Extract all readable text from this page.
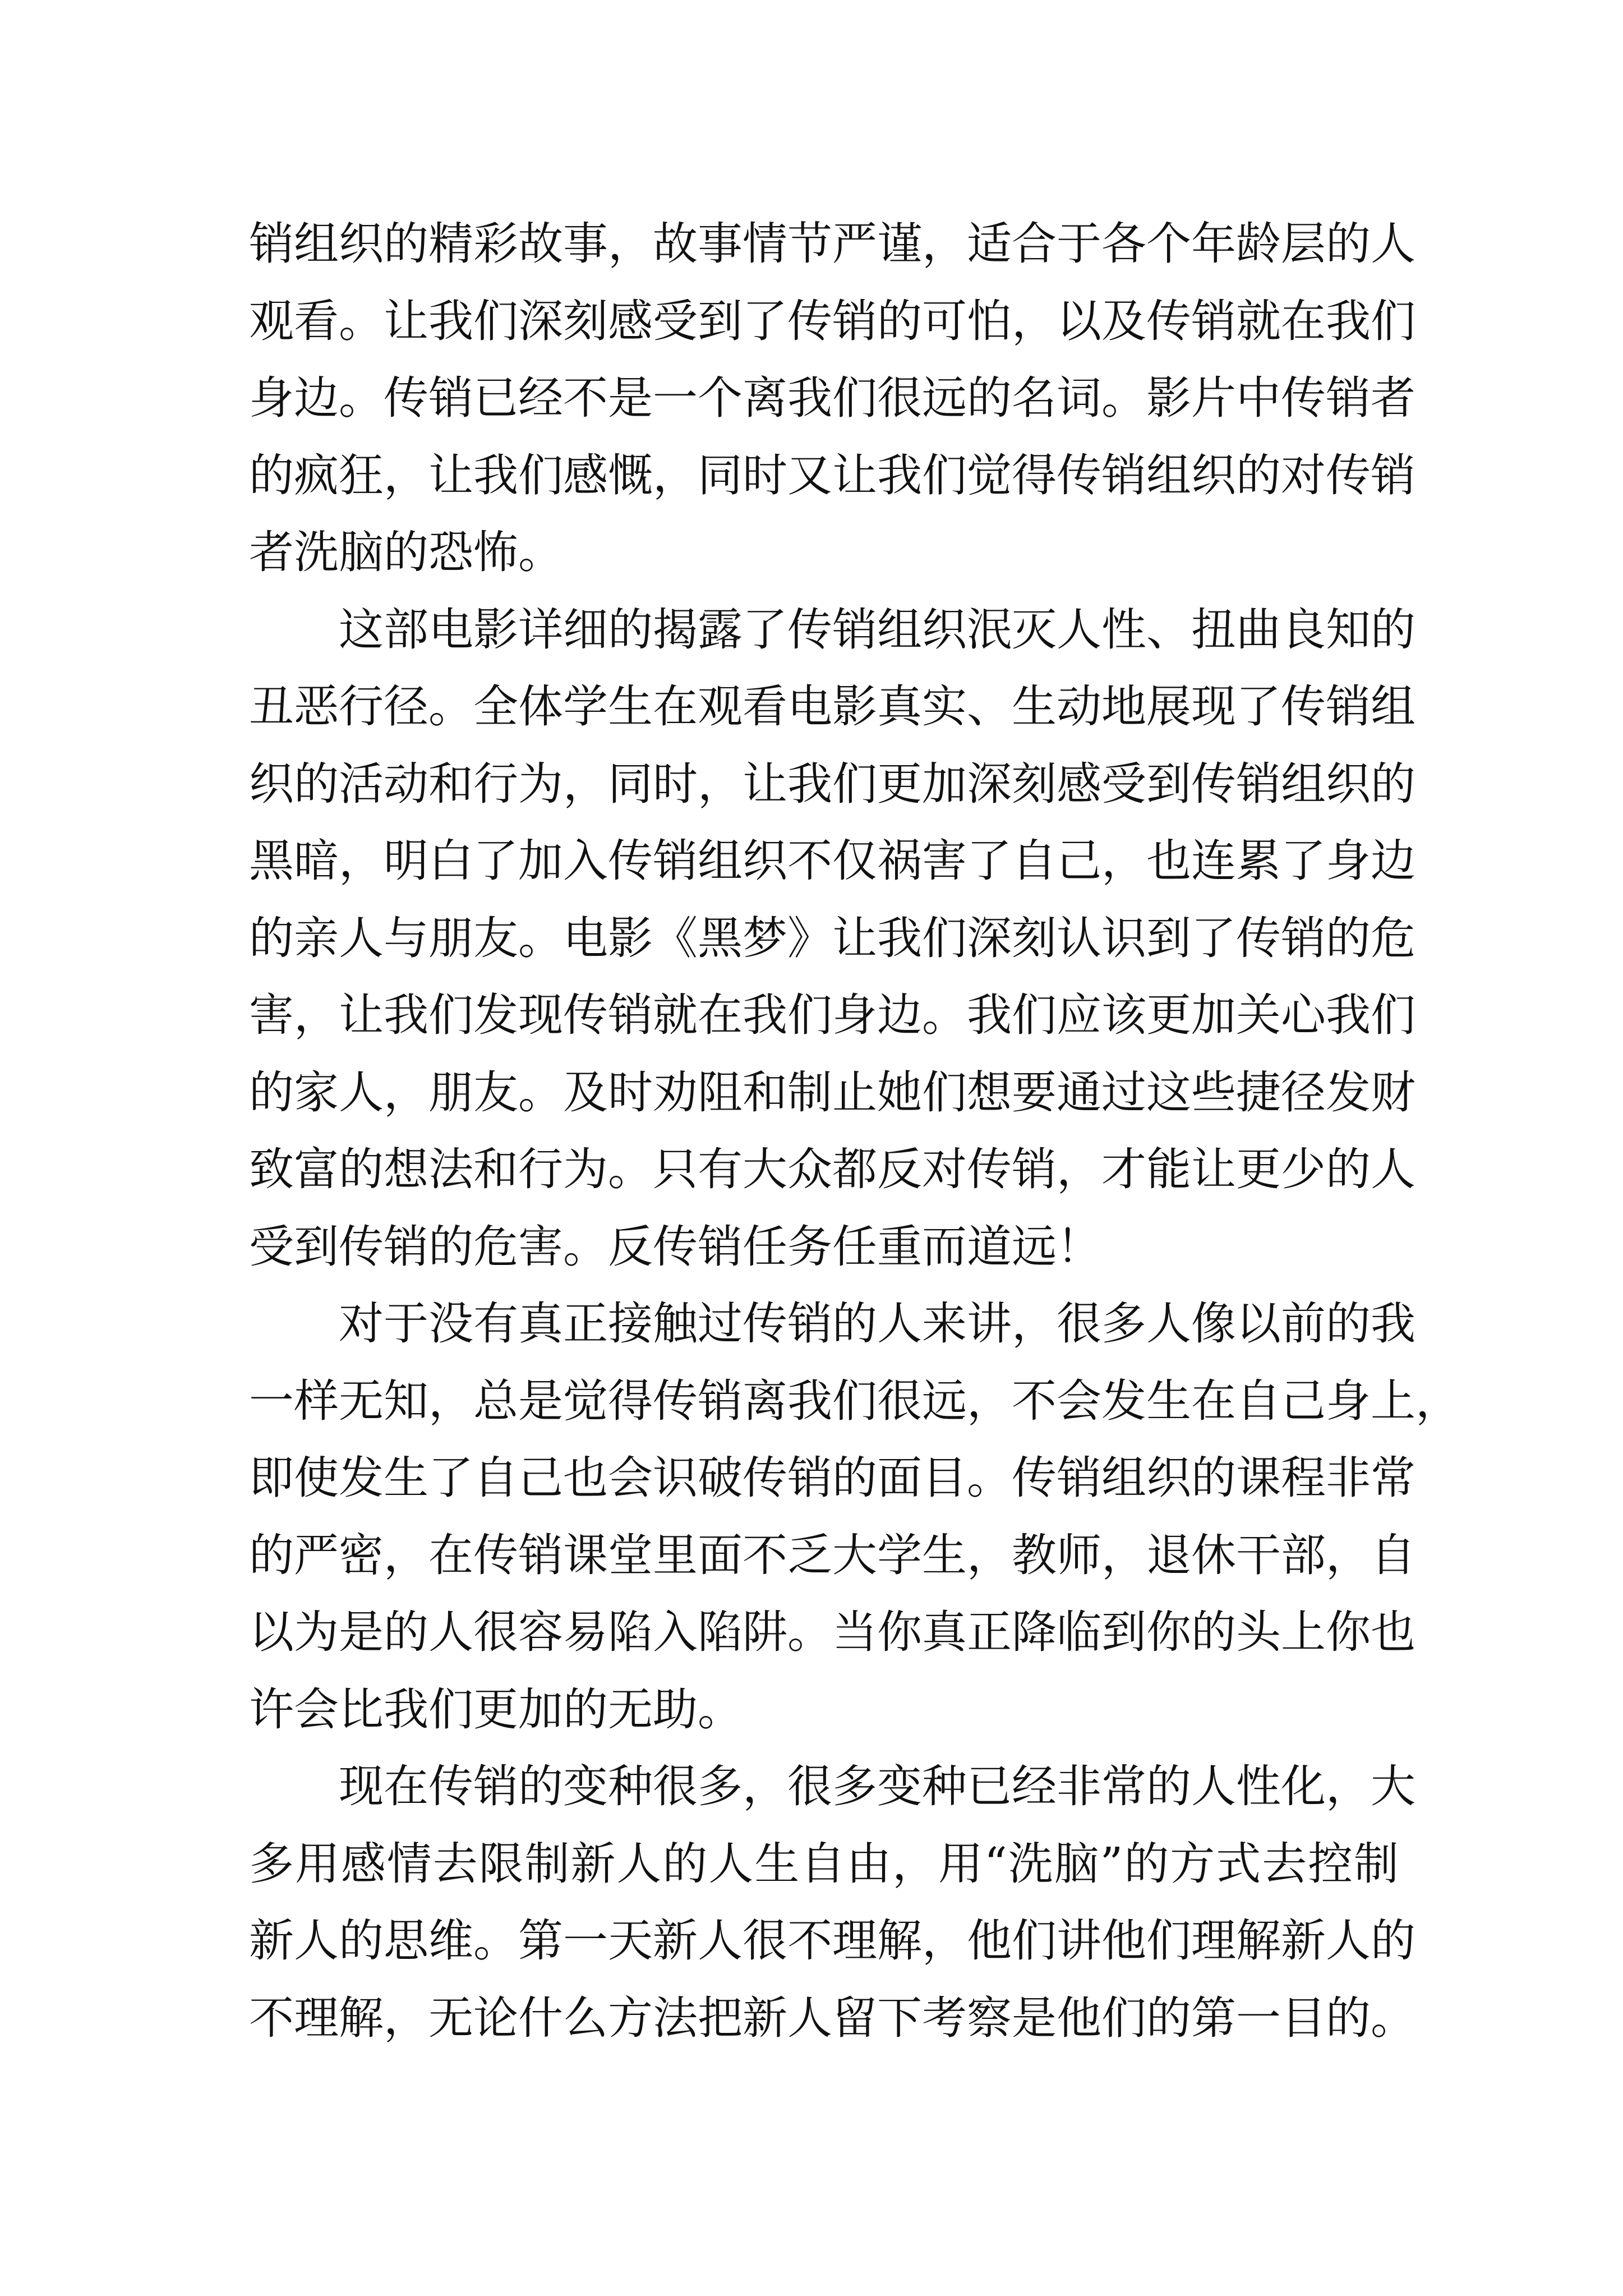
销组织的精彩故事，故事情节严谨，适合于各个年龄层的人
观看。让我们深刻感受到了传销的可怕，以及传销就在我们
身边。传销已经不是一个离我们很远的名词。影片中传销者
的疯狂，让我们感慨，同时又让我们觉得传销组织的对传销
者洗脑的恐怖。
这部电影详细的揭露了传销组织泯灭人性、扭曲良知的
丑恶行径。全体学生在观看电影真实、生动地展现了传销组
织的活动和行为，同时，让我们更加深刻感受到传销组织的
黑暗，明白了加入传销组织不仅祸害了自己，也连累了身边
的亲人与朋友。电影《黑梦》让我们深刻认识到了传销的危
害，让我们发现传销就在我们身边。我们应该更加关心我们
的家人，朋友。及时劝阻和制止她们想要通过这些捷径发财
致富的想法和行为。只有大众都反对传销，才能让更少的人
受到传销的危害。反传销任务任重而道远！
对于没有真正接触过传销的人来讲，很多人像以前的我
一样无知，总是觉得传销离我们很远，不会发生在自己身上，
即使发生了自己也会识破传销的面目。传销组织的课程非常
的严密，在传销课堂里面不乏大学生，教师，退休干部，自
以为是的人很容易陷入陷阱。当你真正降临到你的头上你也
许会比我们更加的无助。
现在传销的变种很多，很多变种已经非常的人性化，大
多用感情去限制新人的人生自由，用“洗脑”的方式去控制
新人的思维。第一天新人很不理解，他们讲他们理解新人的
不理解，无论什么方法把新人留下考察是他们的第一目的。
